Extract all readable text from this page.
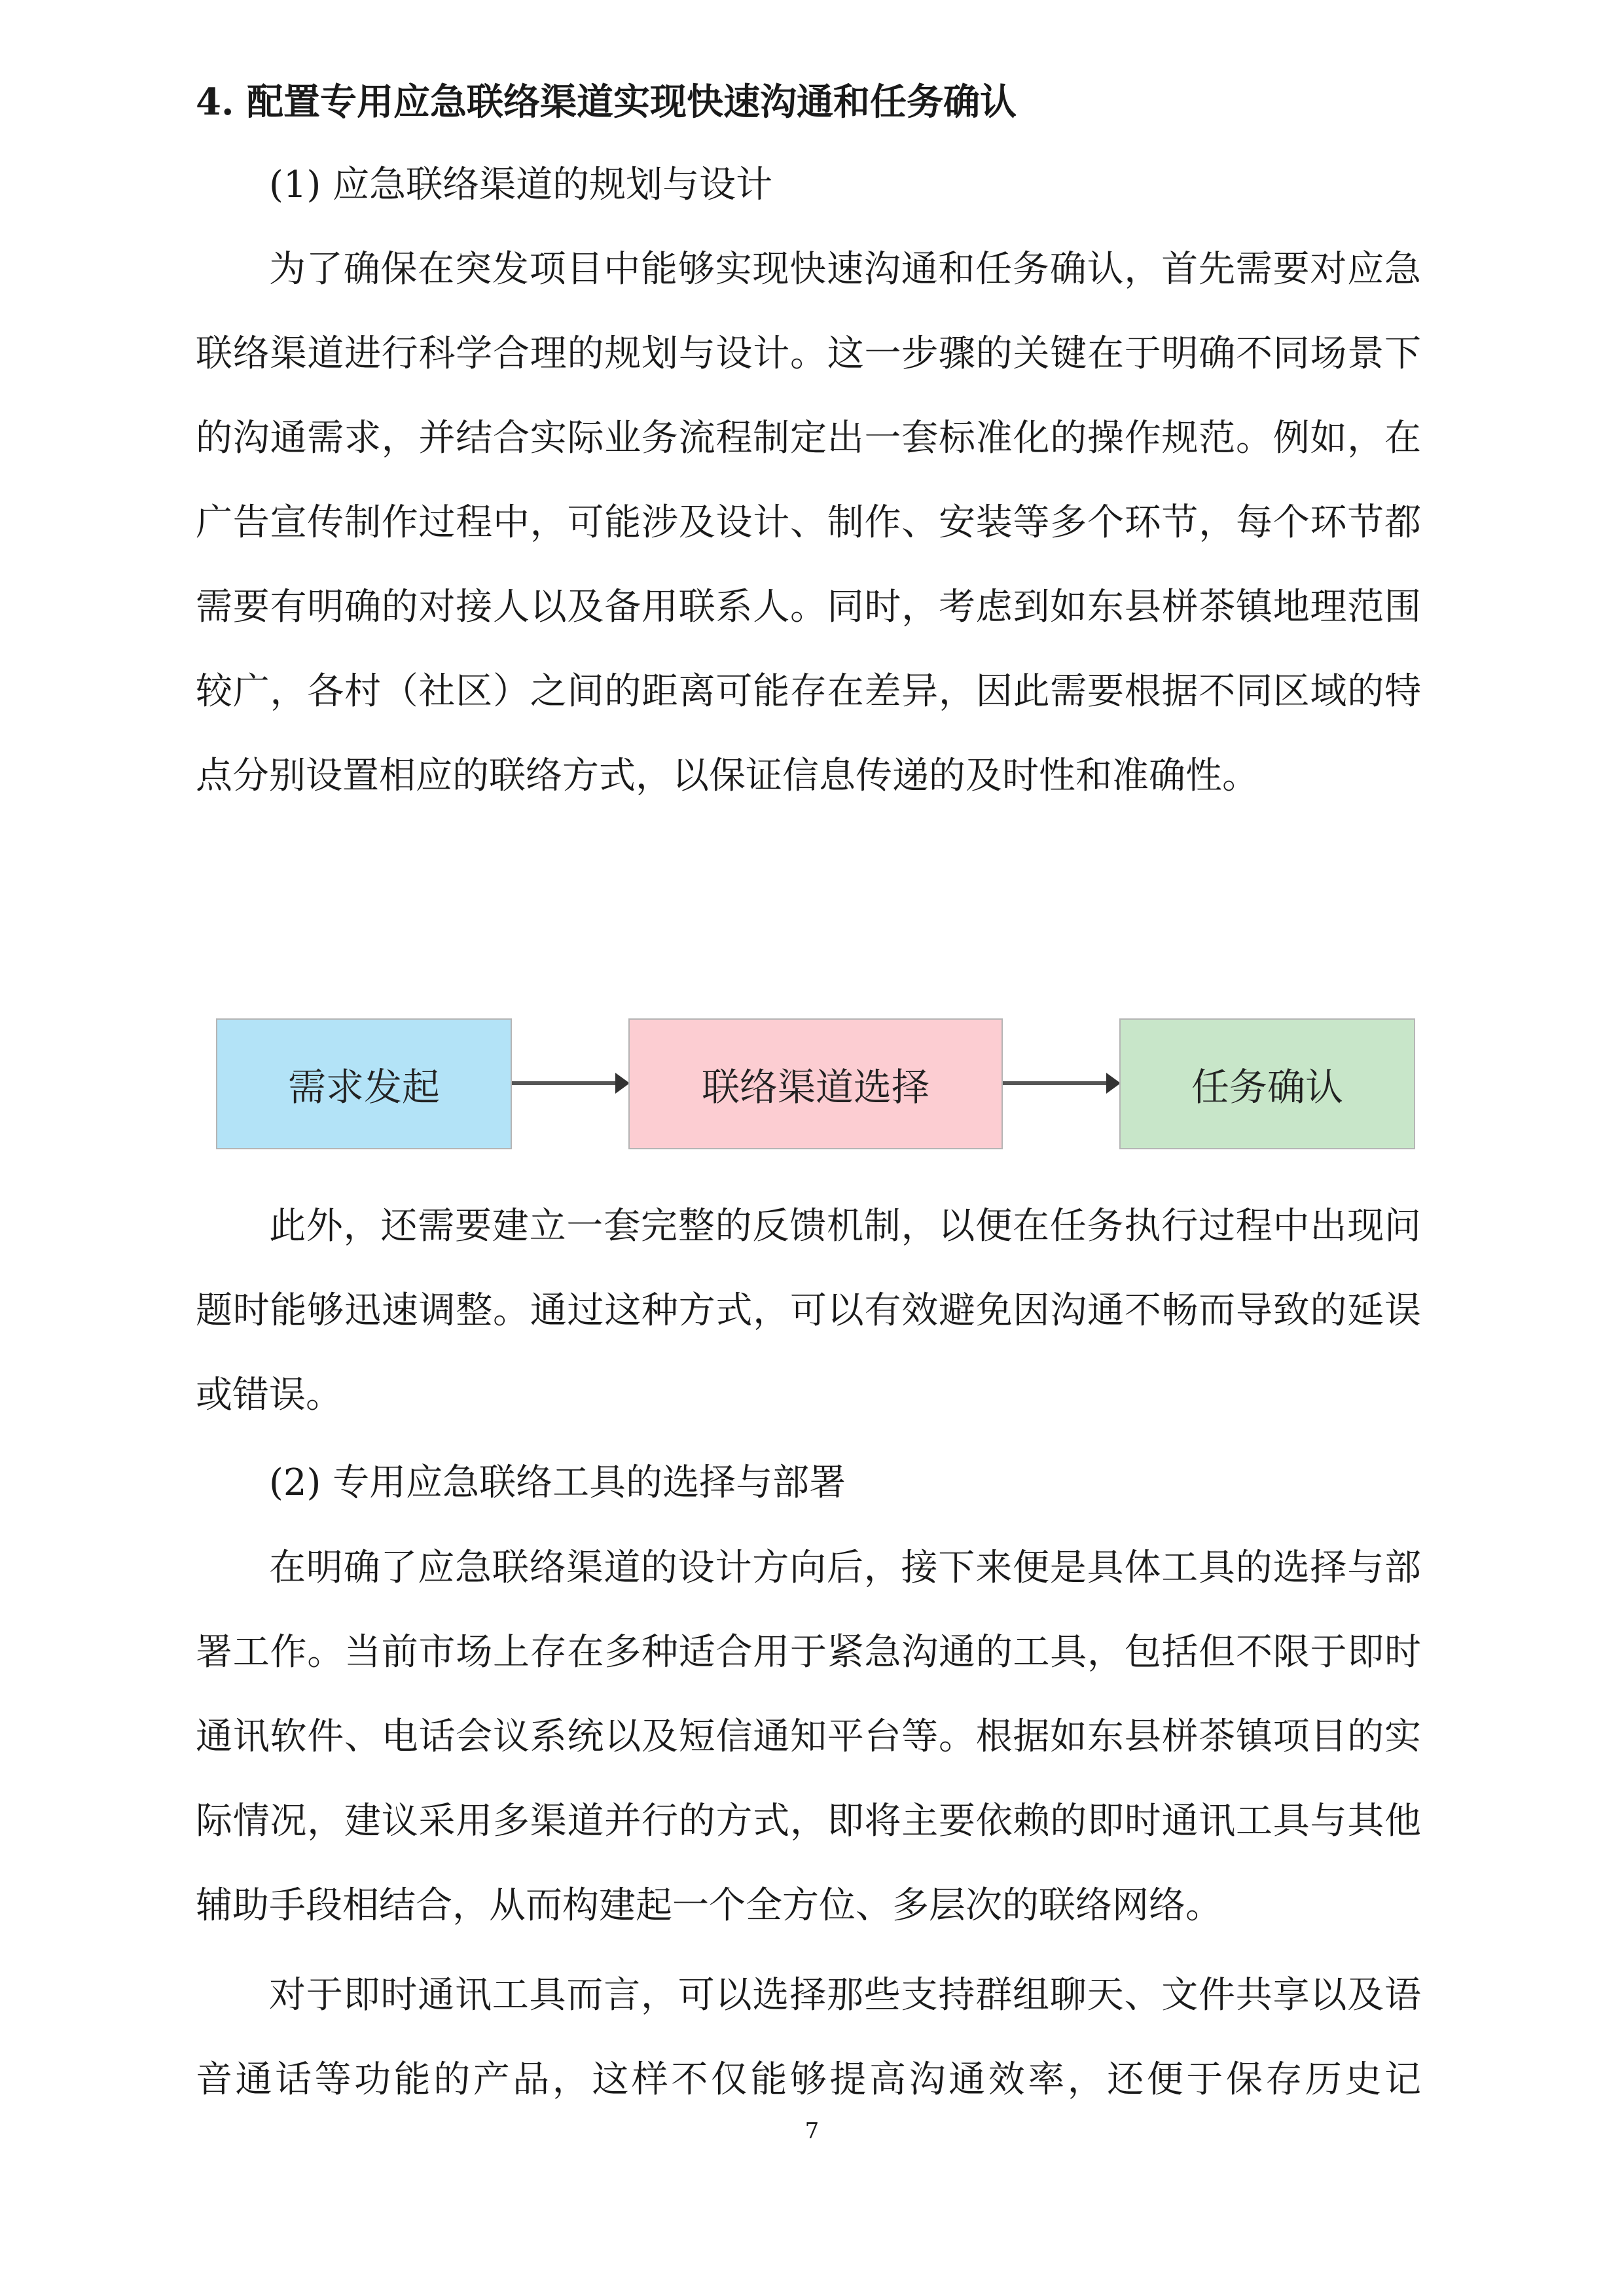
4. 配置专用应急联络渠道实现快速沟通和任务确认
(1) 应急联络渠道的规划与设计
为了确保在突发项目中能够实现快速沟通和任务确认，首先需要对应急联络渠道进行科学合理的规划与设计。这一步骤的关键在于明确不同场景下的沟通需求，并结合实际业务流程制定出一套标准化的操作规范。例如，在广告宣传制作过程中，可能涉及设计、制作、安装等多个环节，每个环节都需要有明确的对接人以及备用联系人。同时，考虑到如东县栟茶镇地理范围较广，各村（社区）之间的距离可能存在差异，因此需要根据不同区域的特点分别设置相应的联络方式，以保证信息传递的及时性和准确性。
需求发起	联络渠道选择	任务确认
此外，还需要建立一套完整的反馈机制，以便在任务执行过程中出现问题时能够迅速调整。通过这种方式，可以有效避免因沟通不畅而导致的延误或错误。
(2) 专用应急联络工具的选择与部署
在明确了应急联络渠道的设计方向后，接下来便是具体工具的选择与部署工作。当前市场上存在多种适合用于紧急沟通的工具，包括但不限于即时通讯软件、电话会议系统以及短信通知平台等。根据如东县栟茶镇项目的实际情况，建议采用多渠道并行的方式，即将主要依赖的即时通讯工具与其他辅助手段相结合，从而构建起一个全方位、多层次的联络网络。
对于即时通讯工具而言，可以选择那些支持群组聊天、文件共享以及语音通话等功能的产品，这样不仅能够提高沟通效率，还便于保存历史记
7
